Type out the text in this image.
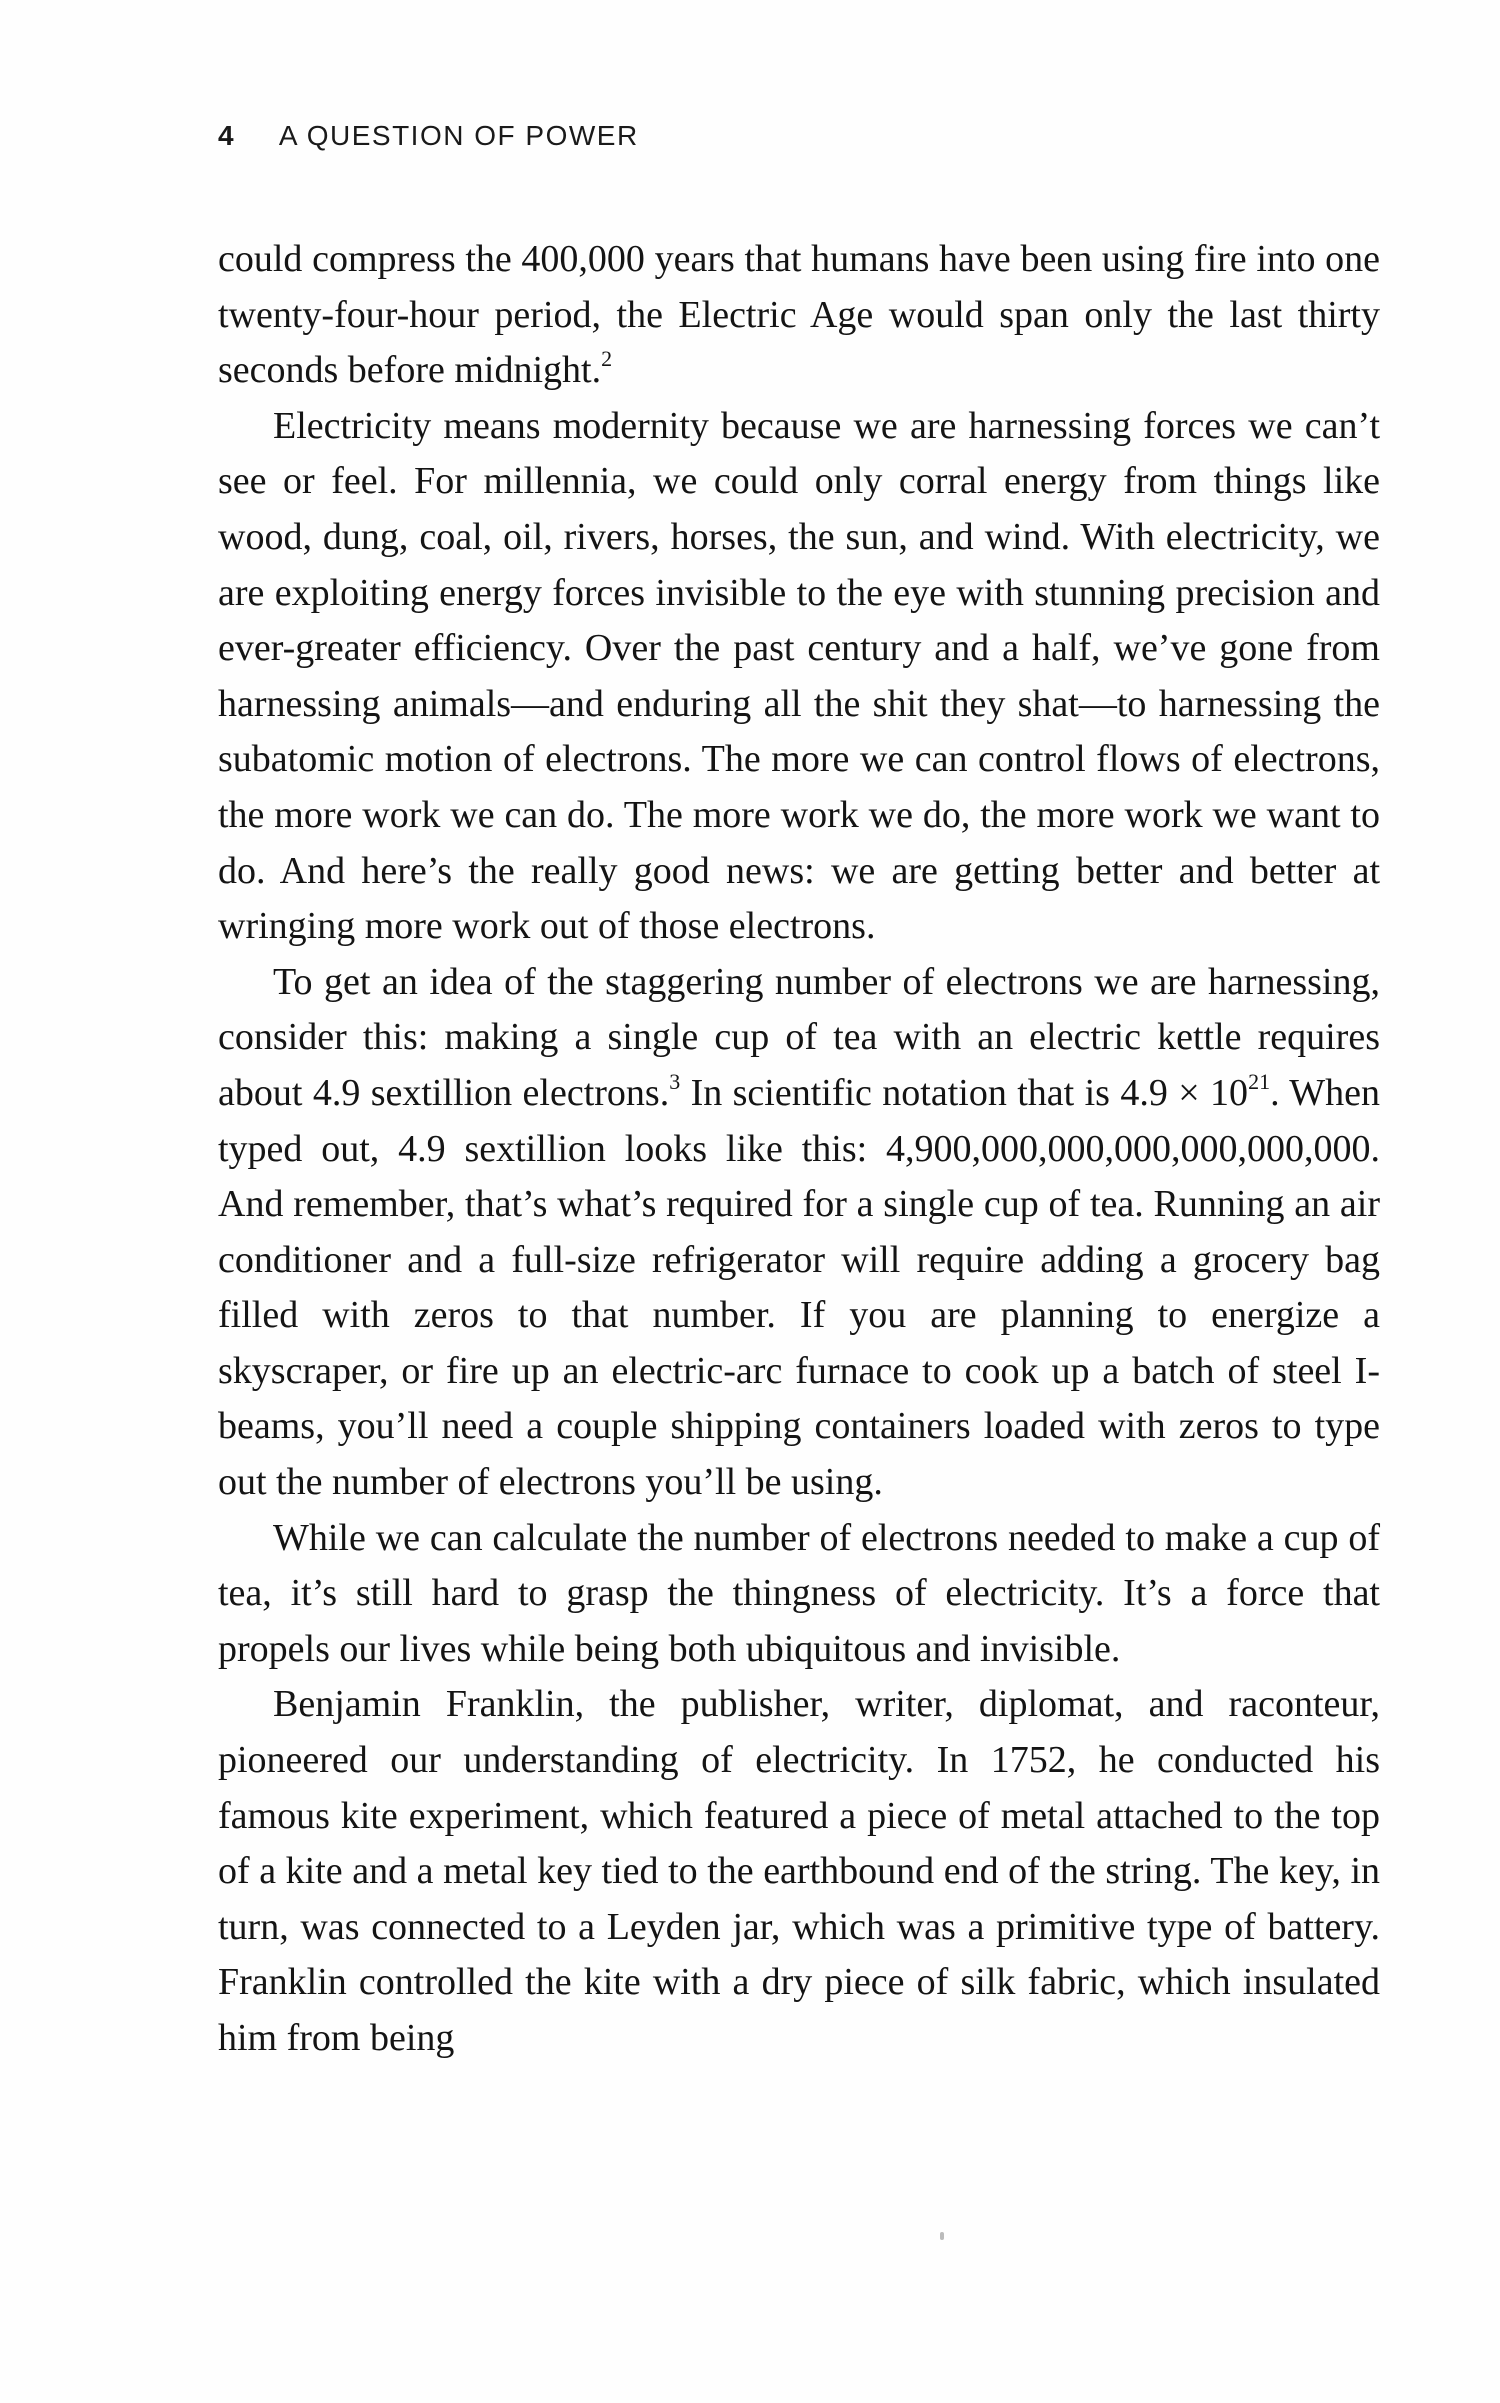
4 A QUESTION OF POWER

could compress the 400,000 years that humans have been using fire into one twenty-four-hour period, the Electric Age would span only the last thirty seconds before midnight.$^2$

Electricity means modernity because we are harnessing forces we can’t see or feel. For millennia, we could only corral energy from things like wood, dung, coal, oil, rivers, horses, the sun, and wind. With electricity, we are exploiting energy forces invisible to the eye with stunning precision and ever-greater efficiency. Over the past century and a half, we’ve gone from harnessing animals—and enduring all the shit they shat—to harnessing the subatomic motion of electrons. The more we can control flows of electrons, the more work we can do. The more work we do, the more work we want to do. And here’s the really good news: we are getting better and better at wringing more work out of those electrons.

To get an idea of the staggering number of electrons we are harnessing, consider this: making a single cup of tea with an electric kettle requires about 4.9 sextillion electrons.$^3$ In scientific notation that is $4.9 \times 10^{21}$. When typed out, 4.9 sextillion looks like this: 4,900,000,000,000,000,000,000. And remember, that’s what’s required for a single cup of tea. Running an air conditioner and a full-size refrigerator will require adding a grocery bag filled with zeros to that number. If you are planning to energize a skyscraper, or fire up an electric-arc furnace to cook up a batch of steel I-beams, you’ll need a couple shipping containers loaded with zeros to type out the number of electrons you’ll be using.

While we can calculate the number of electrons needed to make a cup of tea, it’s still hard to grasp the thingness of electricity. It’s a force that propels our lives while being both ubiquitous and invisible.

Benjamin Franklin, the publisher, writer, diplomat, and raconteur, pioneered our understanding of electricity. In 1752, he conducted his famous kite experiment, which featured a piece of metal attached to the top of a kite and a metal key tied to the earthbound end of the string. The key, in turn, was connected to a Leyden jar, which was a primitive type of battery. Franklin controlled the kite with a dry piece of silk fabric, which insulated him from being
